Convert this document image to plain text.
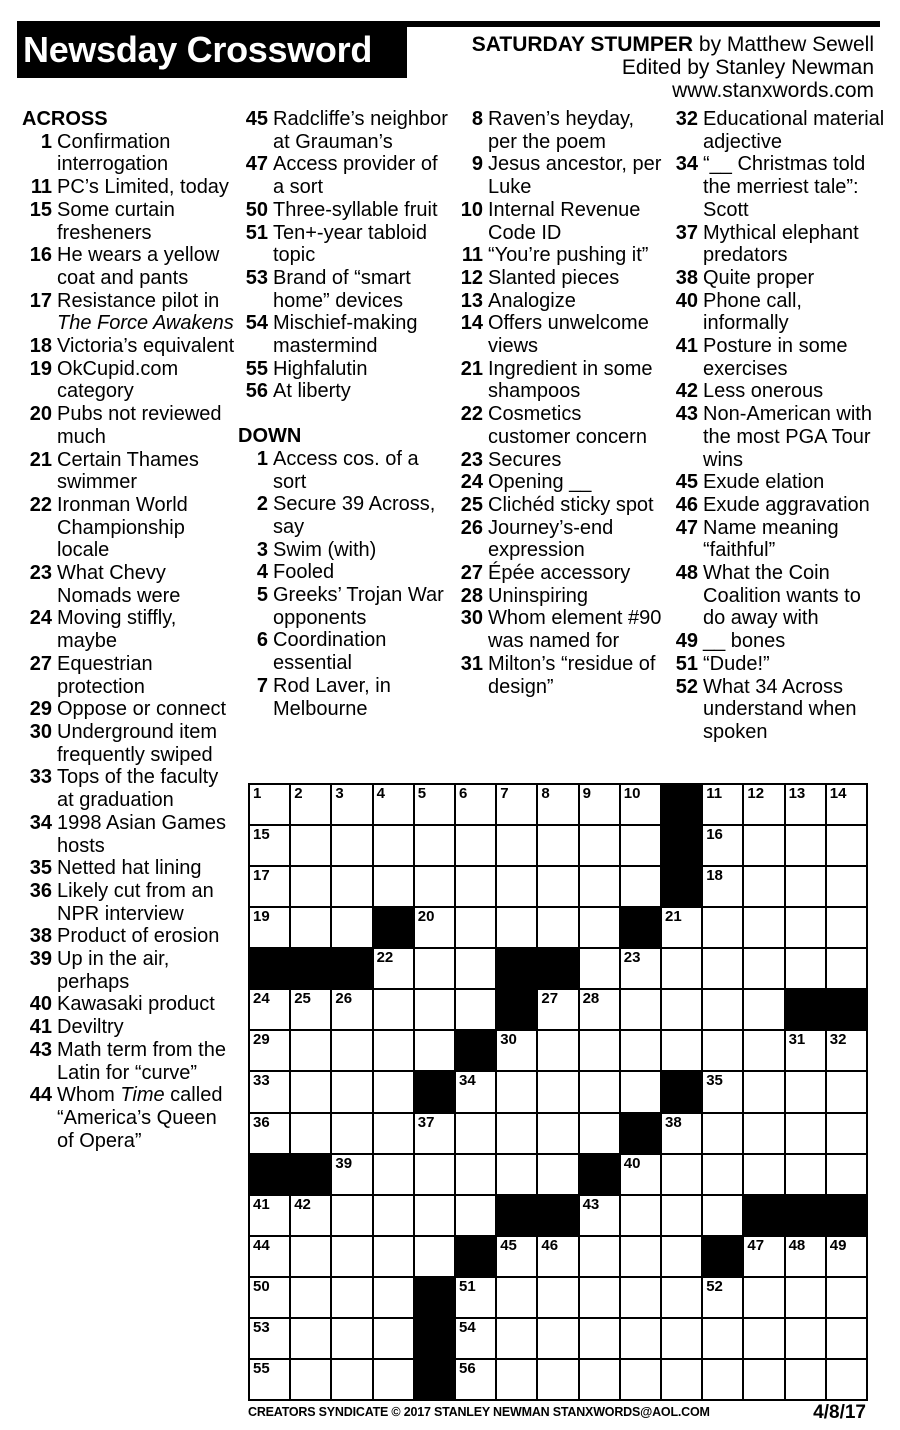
Newsday Crossword	SATURDAY STUMPER by Matthew Sewell
Edited by Stanley Newman
www.stanxwords.com
ACROSS
1 Confirmation interrogation
11 PC’s Limited, today
15 Some curtain fresheners
16 He wears a yellow coat and pants
17 Resistance pilot in The Force Awakens
18 Victoria’s equivalent
19 OkCupid.com category
20 Pubs not reviewed much
21 Certain Thames swimmer
22 Ironman World Championship locale
23 What Chevy Nomads were
24 Moving stiffly, maybe
27 Equestrian protection
29 Oppose or connect
30 Underground item frequently swiped
33 Tops of the faculty at graduation
34 1998 Asian Games hosts
35 Netted hat lining
36 Likely cut from an NPR interview
38 Product of erosion
39 Up in the air, perhaps
40 Kawasaki product
41 Deviltry
43 Math term from the Latin for “curve”
44 Whom Time called “America’s Queen of Opera”
45 Radcliffe’s neighbor at Grauman’s
47 Access provider of a sort
50 Three-syllable fruit
51 Ten+-year tabloid topic
53 Brand of “smart home” devices
54 Mischief-making mastermind
55 Highfalutin
56 At liberty
DOWN
1 Access cos. of a sort
2 Secure 39 Across, say
3 Swim (with)
4 Fooled
5 Greeks’ Trojan War opponents
6 Coordination essential
7 Rod Laver, in Melbourne
8 Raven’s heyday, per the poem
9 Jesus ancestor, per Luke
10 Internal Revenue Code ID
11 “You’re pushing it”
12 Slanted pieces
13 Analogize
14 Offers unwelcome views
21 Ingredient in some shampoos
22 Cosmetics customer concern
23 Secures
24 Opening __
25 Clichéd sticky spot
26 Journey’s-end expression
27 Épée accessory
28 Uninspiring
30 Whom element #90 was named for
31 Milton’s “residue of design”
32 Educational material adjective
34 “__ Christmas told the merriest tale”: Scott
37 Mythical elephant predators
38 Quite proper
40 Phone call, informally
41 Posture in some exercises
42 Less onerous
43 Non-American with the most PGA Tour wins
45 Exude elation
46 Exude aggravation
47 Name meaning “faithful”
48 What the Coin Coalition wants to do away with
49 __ bones
51 “Dude!”
52 What 34 Across understand when spoken
1 2 3 4 5 6 7 8 9 10	11 12 13 14
15	16
17	18
19	20	21
22	23
24 25 26	27 28
29	30	31 32
33	34	35
36	37	38
39	40
41 42	43
44	45 46	47 48 49
50	51	52
53	54
55	56
CREATORS SYNDICATE © 2017 STANLEY NEWMAN STANXWORDS@AOL.COM	4/8/17
